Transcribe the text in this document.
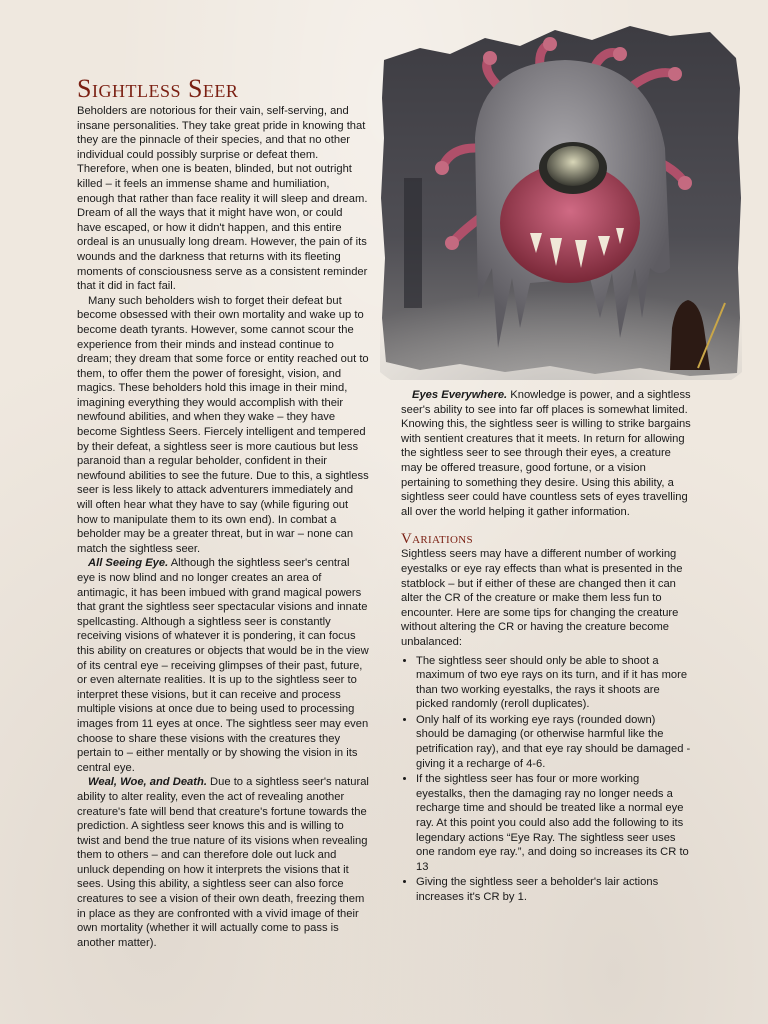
Sightless Seer

Beholders are notorious for their vain, self-serving, and insane personalities. They take great pride in knowing that they are the pinnacle of their species, and that no other individual could possibly surprise or defeat them. Therefore, when one is beaten, blinded, but not outright killed – it feels an immense shame and humiliation, enough that rather than face reality it will sleep and dream. Dream of all the ways that it might have won, or could have escaped, or how it didn't happen, and this entire ordeal is an unusually long dream. However, the pain of its wounds and the darkness that returns with its fleeting moments of consciousness serve as a consistent reminder that it did in fact fail.

Many such beholders wish to forget their defeat but become obsessed with their own mortality and wake up to become death tyrants. However, some cannot scour the experience from their minds and instead continue to dream; they dream that some force or entity reached out to them, to offer them the power of foresight, vision, and magics. These beholders hold this image in their mind, imagining everything they would accomplish with their newfound abilities, and when they wake – they have become Sightless Seers. Fiercely intelligent and tempered by their defeat, a sightless seer is more cautious but less paranoid than a regular beholder, confident in their newfound abilities to see the future. Due to this, a sightless seer is less likely to attack adventurers immediately and will often hear what they have to say (while figuring out how to manipulate them to its own end). In combat a beholder may be a greater threat, but in war – none can match the sightless seer.

All Seeing Eye. Although the sightless seer's central eye is now blind and no longer creates an area of antimagic, it has been imbued with grand magical powers that grant the sightless seer spectacular visions and innate spellcasting. Although a sightless seer is constantly receiving visions of whatever it is pondering, it can focus this ability on creatures or objects that would be in the view of its central eye – receiving glimpses of their past, future, or even alternate realities. It is up to the sightless seer to interpret these visions, but it can receive and process multiple visions at once due to being used to processing images from 11 eyes at once. The sightless seer may even choose to share these visions with the creatures they pertain to – either mentally or by showing the vision in its central eye.

Weal, Woe, and Death. Due to a sightless seer's natural ability to alter reality, even the act of revealing another creature's fate will bend that creature's fortune towards the prediction. A sightless seer knows this and is willing to twist and bend the true nature of its visions when revealing them to others – and can therefore dole out luck and unluck depending on how it interprets the visions that it sees. Using this ability, a sightless seer can also force creatures to see a vision of their own death, freezing them in place as they are confronted with a vivid image of their own mortality (whether it will actually come to pass is another matter).

Eyes Everywhere. Knowledge is power, and a sightless seer's ability to see into far off places is somewhat limited. Knowing this, the sightless seer is willing to strike bargains with sentient creatures that it meets. In return for allowing the sightless seer to see through their eyes, a creature may be offered treasure, good fortune, or a vision pertaining to something they desire. Using this ability, a sightless seer could have countless sets of eyes travelling all over the world helping it gather information.

Variations

Sightless seers may have a different number of working eyestalks or eye ray effects than what is presented in the statblock – but if either of these are changed then it can alter the CR of the creature or make them less fun to encounter. Here are some tips for changing the creature without altering the CR or having the creature become unbalanced:

• The sightless seer should only be able to shoot a maximum of two eye rays on its turn, and if it has more than two working eyestalks, the rays it shoots are picked randomly (reroll duplicates).
• Only half of its working eye rays (rounded down) should be damaging (or otherwise harmful like the petrification ray), and that eye ray should be damaged - giving it a recharge of 4-6.
• If the sightless seer has four or more working eyestalks, then the damaging ray no longer needs a recharge time and should be treated like a normal eye ray. At this point you could also add the following to its legendary actions “Eye Ray. The sightless seer uses one random eye ray.”, and doing so increases its CR to 13
• Giving the sightless seer a beholder's lair actions increases it's CR by 1.
